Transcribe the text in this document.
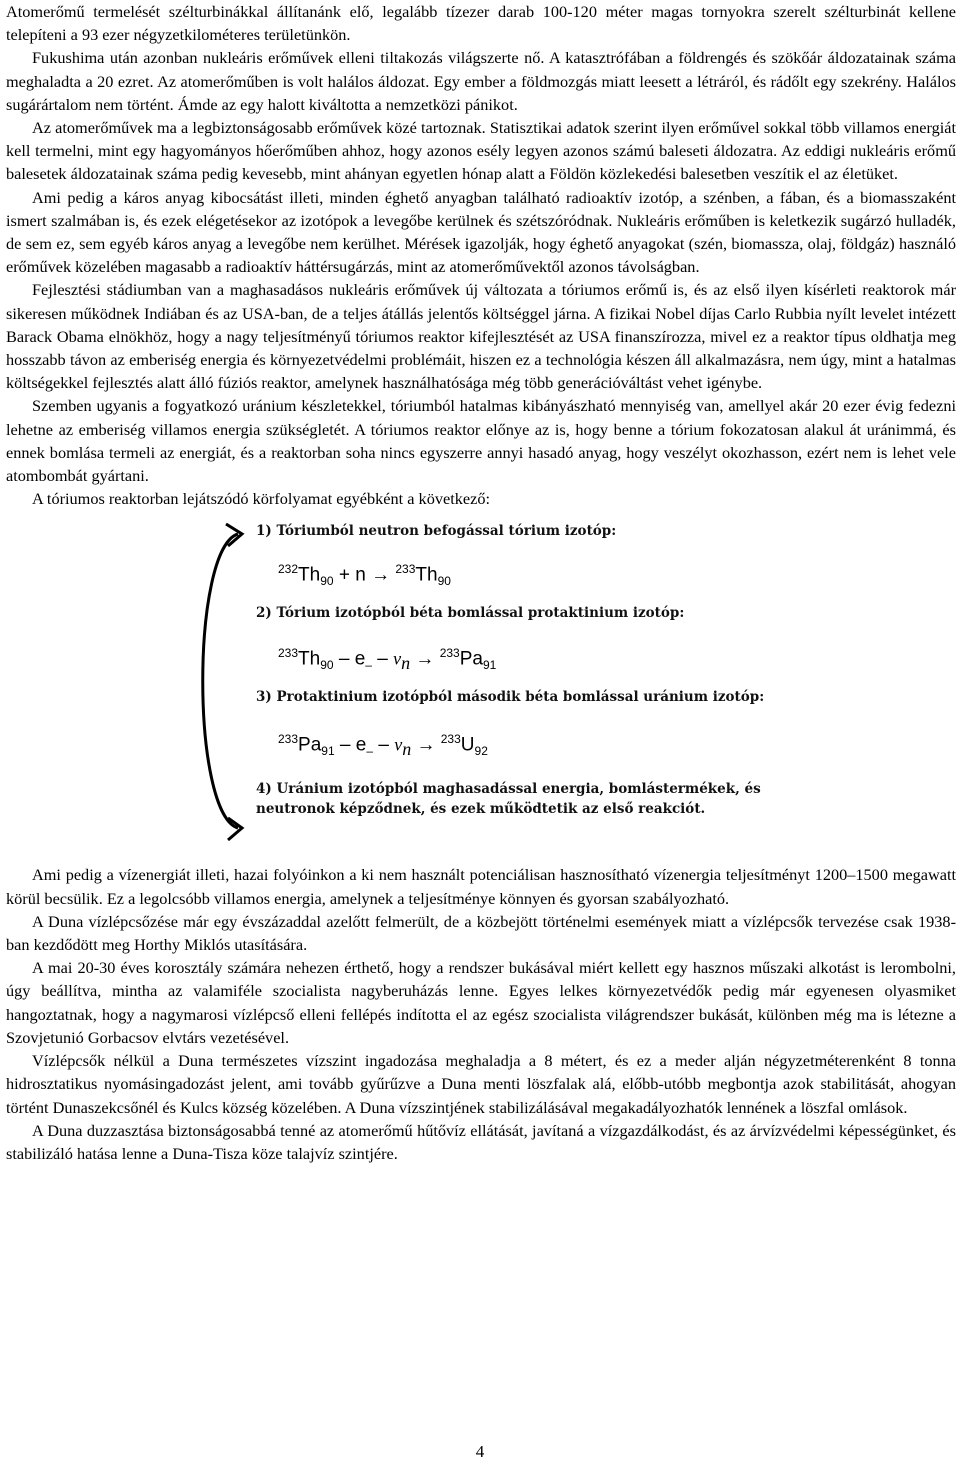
Atomerőmű termelését szélturbinákkal állítanánk elő, legalább tízezer darab 100-120 méter magas tornyokra szerelt szélturbinát kellene telepíteni a 93 ezer négyzetkilométeres területünkön.

Fukushima után azonban nukleáris erőművek elleni tiltakozás világszerte nő. A katasztrófában a földrengés és szökőár áldozatainak száma meghaladta a 20 ezret. Az atomerőműben is volt halálos áldozat. Egy ember a földmozgás miatt leesett a létráról, és rádőlt egy szekrény. Halálos sugárártalom nem történt. Ámde az egy halott kiváltotta a nemzetközi pánikot.

Az atomerőművek ma a legbiztonságosabb erőművek közé tartoznak. Statisztikai adatok szerint ilyen erőművel sokkal több villamos energiát kell termelni, mint egy hagyományos hőerőműben ahhoz, hogy azonos esély legyen azonos számú baleseti áldozatra. Az eddigi nukleáris erőmű balesetek áldozatainak száma pedig kevesebb, mint ahányan egyetlen hónap alatt a Földön közlekedési balesetben veszítik el az életüket.

Ami pedig a káros anyag kibocsátást illeti, minden éghető anyagban található radioaktív izotóp, a szénben, a fában, és a biomasszaként ismert szalmában is, és ezek elégetésekor az izotópok a levegőbe kerülnek és szétszóródnak. Nukleáris erőműben is keletkezik sugárzó hulladék, de sem ez, sem egyéb káros anyag a levegőbe nem kerülhet. Mérések igazolják, hogy éghető anyagokat (szén, biomassza, olaj, földgáz) használó erőművek közelében magasabb a radioaktív háttérsugárzás, mint az atomerőművektől azonos távolságban.

Fejlesztési stádiumban van a maghasadásos nukleáris erőművek új változata a tóriumos erőmű is, és az első ilyen kísérleti reaktorok már sikeresen működnek Indiában és az USA-ban, de a teljes átállás jelentős költséggel járna. A fizikai Nobel díjas Carlo Rubbia nyílt levelet intézett Barack Obama elnökhöz, hogy a nagy teljesítményű tóriumos reaktor kifejlesztését az USA finanszírozza, mivel ez a reaktor típus oldhatja meg hosszabb távon az emberiség energia és környezetvédelmi problémáit, hiszen ez a technológia készen áll alkalmazásra, nem úgy, mint a hatalmas költségekkel fejlesztés alatt álló fúziós reaktor, amelynek használhatósága még több generációváltást vehet igénybe.

Szemben ugyanis a fogyatkozó uránium készletekkel, tóriumból hatalmas kibányászható mennyiség van, amellyel akár 20 ezer évig fedezni lehetne az emberiség villamos energia szükségletét. A tóriumos reaktor előnye az is, hogy benne a tórium fokozatosan alakul át uránimmá, és ennek bomlása termeli az energiát, és a reaktorban soha nincs egyszerre annyi hasadó anyag, hogy veszélyt okozhasson, ezért nem is lehet vele atombombát gyártani.

A tóriumos reaktorban lejátszódó körfolyamat egyébként a következő:

1) Tóriumból neutron befogással tórium izotóp:
$^{232}Th_{90} + n \to ^{233}Th_{90}$
2) Tórium izotópból béta bomlással protaktinium izotóp:
$^{233}Th_{90} - e_- - \nu_n \to ^{233}Pa_{91}$
3) Protaktinium izotópból második béta bomlással uránium izotóp:
$^{233}Pa_{91} - e_- - \nu_n \to ^{233}U_{92}$
4) Uránium izotópból maghasadással energia, bomlástermékek, és
neutronok képződnek, és ezek működtetik az első reakciót.

Ami pedig a vízenergiát illeti, hazai folyóinkon a ki nem használt potenciálisan hasznosítható vízenergia teljesítményt 1200–1500 megawatt körül becsülik. Ez a legolcsóbb villamos energia, amelynek a teljesítménye könnyen és gyorsan szabályozható.

A Duna vízlépcsőzése már egy évszázaddal azelőtt felmerült, de a közbejött történelmi események miatt a vízlépcsők tervezése csak 1938-ban kezdődött meg Horthy Miklós utasítására.

A mai 20-30 éves korosztály számára nehezen érthető, hogy a rendszer bukásával miért kellett egy hasznos műszaki alkotást is lerombolni, úgy beállítva, mintha az valamiféle szocialista nagyberuházás lenne. Egyes lelkes környezetvédők pedig már egyenesen olyasmiket hangoztatnak, hogy a nagymarosi vízlépcső elleni fellépés indította el az egész szocialista világrendszer bukását, különben még ma is létezne a Szovjetunió Gorbacsov elvtárs vezetésével.

Vízlépcsők nélkül a Duna természetes vízszint ingadozása meghaladja a 8 métert, és ez a meder alján négyzetméterenként 8 tonna hidrosztatikus nyomásingadozást jelent, ami tovább gyűrűzve a Duna menti löszfalak alá, előbb-utóbb megbontja azok stabilitását, ahogyan történt Dunaszekcsőnél és Kulcs község közelében. A Duna vízszintjének stabilizálásával megakadályozhatók lennének a löszfal omlások.

A Duna duzzasztása biztonságosabbá tenné az atomerőmű hűtővíz ellátását, javítaná a vízgazdálkodást, és az árvízvédelmi képességünket, és stabilizáló hatása lenne a Duna-Tisza köze talajvíz szintjére.

4
